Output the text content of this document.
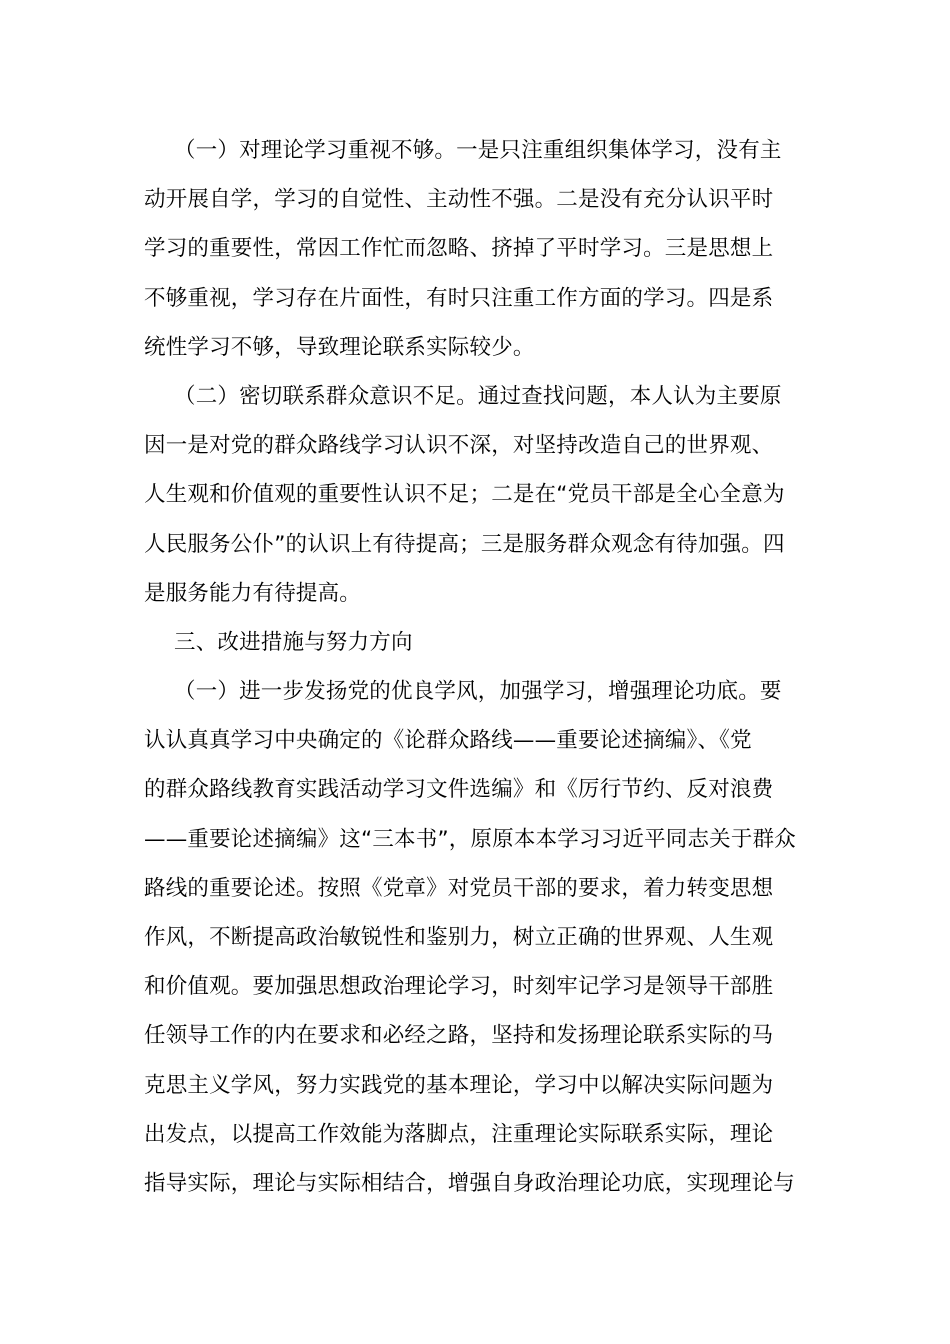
（一）对理论学习重视不够。一是只注重组织集体学习，没有主
动开展自学，学习的自觉性、主动性不强。二是没有充分认识平时
学习的重要性，常因工作忙而忽略、挤掉了平时学习。三是思想上
不够重视，学习存在片面性，有时只注重工作方面的学习。四是系
统性学习不够，导致理论联系实际较少。
（二）密切联系群众意识不足。通过查找问题，本人认为主要原
因一是对党的群众路线学习认识不深，对坚持改造自己的世界观、
人生观和价值观的重要性认识不足；二是在“党员干部是全心全意为
人民服务公仆”的认识上有待提高；三是服务群众观念有待加强。四
是服务能力有待提高。
三、改进措施与努力方向
（一）进一步发扬党的优良学风，加强学习，增强理论功底。要
认认真真学习中央确定的《论群众路线——重要论述摘编》、《党
的群众路线教育实践活动学习文件选编》和《厉行节约、反对浪费
——重要论述摘编》这“三本书”，原原本本学习习近平同志关于群众
路线的重要论述。按照《党章》对党员干部的要求，着力转变思想
作风，不断提高政治敏锐性和鉴别力，树立正确的世界观、人生观
和价值观。要加强思想政治理论学习，时刻牢记学习是领导干部胜
任领导工作的内在要求和必经之路，坚持和发扬理论联系实际的马
克思主义学风，努力实践党的基本理论，学习中以解决实际问题为
出发点，以提高工作效能为落脚点，注重理论实际联系实际，理论
指导实际，理论与实际相结合，增强自身政治理论功底，实现理论与
